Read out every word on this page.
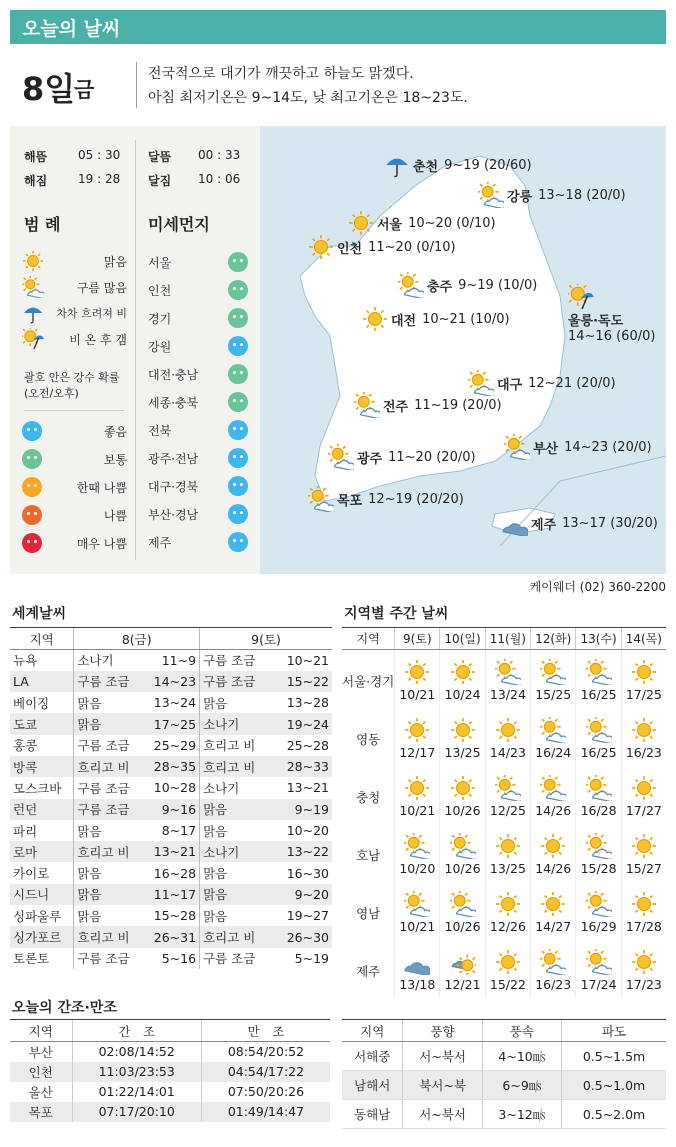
오늘의 날씨
8일
금
전국적으로 대기가 깨끗하고 하늘도 맑겠다.
아침 최저기온은 9~14도, 낮 최고기온은 18~23도.
해뜸	05 : 30
해짐	19 : 28
달뜸 00 : 33
달짐 10 : 06
범 례	미세먼지
맑음
구름 많음
차차 흐려져 비
비 온 후 갬
괄호 안은 강수 확률
(오전/오후)
좋음
보통
한때 나쁨
나쁨
매우 나쁨
서울
인천
경기
강원
대전·충남
세종·충북
전북
광주·전남
대구·경북
부산·경남
제주
춘천 9~19 (20/60)
강릉 13~18 (20/0)
서울 10~20 (0/10)
인천 11~20 (0/10)
충주 9~19 (10/0)
대전 10~21 (10/0)	울릉·독도
14~16 (60/0)
대구 12~21 (20/0)
전주 11~19 (20/0)
부산 14~23 (20/0)
광주 11~20 (20/0)
목포 12~19 (20/20)
제주 13~17 (30/20)
케이웨더 (02) 360-2200
세계날씨
지역	8(금)		9(토)	
뉴욕	소나기	11~9	구름 조금	10~21
LA	구름 조금	14~23	구름 조금	15~22
베이징	맑음	13~24	맑음	13~28
도쿄	맑음	17~25	소나기	19~24
홍콩	구름 조금	25~29	흐리고 비	25~28
방콕	흐리고 비	28~35	흐리고 비	28~33
모스크바	구름 조금	10~28	소나기	13~21
런던	구름 조금	9~16	맑음	9~19
파리	맑음	8~17	맑음	10~20
로마	흐리고 비	13~21	소나기	13~22
카이로	맑음	16~28	맑음	16~30
시드니	맑음	11~17	맑음	9~20
싱파울루	맑음	15~28	맑음	19~27
싱가포르	흐리고 비	26~31	흐리고 비	26~30
토론토	구름 조금	5~16	구름 조금	5~19
지역별 주간 날씨
지역	9(토)	10(일)	11(월)	12(화)	13(수)	14(목)
서울·경기	10/21	10/24	13/24	15/25	16/25	17/25
영동	12/17	13/25	14/23	16/24	16/25	16/23
충청	10/21	10/26	12/25	14/26	16/28	17/27
호남	10/20	10/26	13/25	14/26	15/28	15/27
영남	10/21	10/26	12/26	14/27	16/29	17/28
제주	13/18	12/21	15/22	16/23	17/24	17/23
오늘의 간조·만조
지역	간　조	만　조
부산	02:08/14:52	08:54/20:52
인천	11:03/23:53	04:54/17:22
울산	01:22/14:01	07:50/20:26
목포	07:17/20:10	01:49/14:47
지역	풍향	풍속	파도
서해중	서~북서	4~10㎧	0.5~1.5m
남해서	북서~북	6~9㎧	0.5~1.0m
동해남	서~북서	3~12㎧	0.5~2.0m
